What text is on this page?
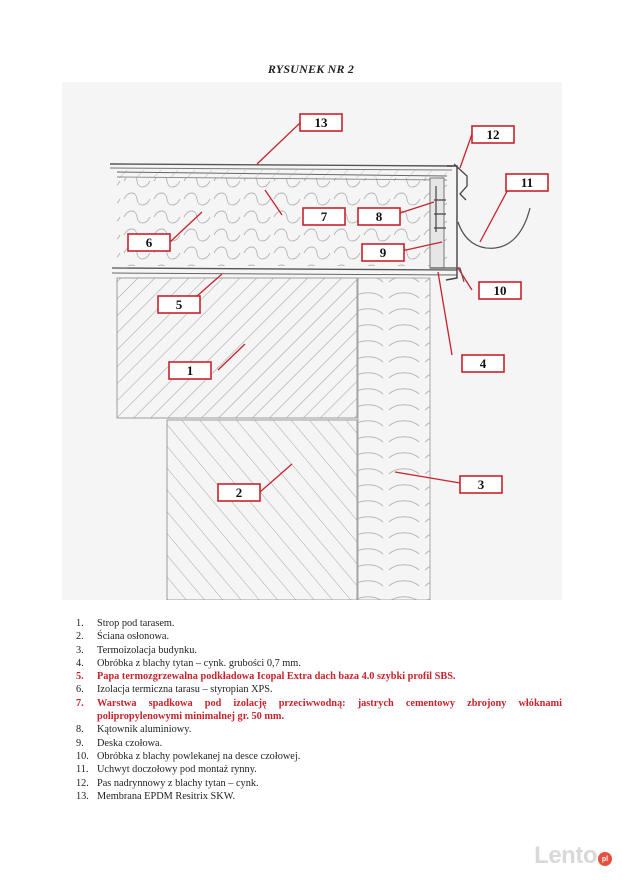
RYSUNEK NR 2
13
12
11
6
7	8
9
5
10
1	4
2
3
1.	Strop pod tarasem.
2.	Ściana osłonowa.
3.	Termoizolacja budynku.
4.	Obróbka z blachy tytan – cynk. grubości 0,7 mm.
5.	Papa termozgrzewalna podkładowa Icopal Extra dach baza 4.0 szybki profil SBS.
6.	Izolacja termiczna tarasu – styropian XPS.
7.	Warstwa spadkowa pod izolację przeciwwodną: jastrych cementowy zbrojony włóknami polipropylenowymi minimalnej gr. 50 mm.
8.	Kątownik aluminiowy.
9.	Deska czołowa.
10. Obróbka z blachy powlekanej na desce czołowej.
11. Uchwyt doczołowy pod montaż rynny.
12. Pas nadrynnowy z blachy tytan – cynk.
13. Membrana EPDM Resitrix SKW.
Lento pl
